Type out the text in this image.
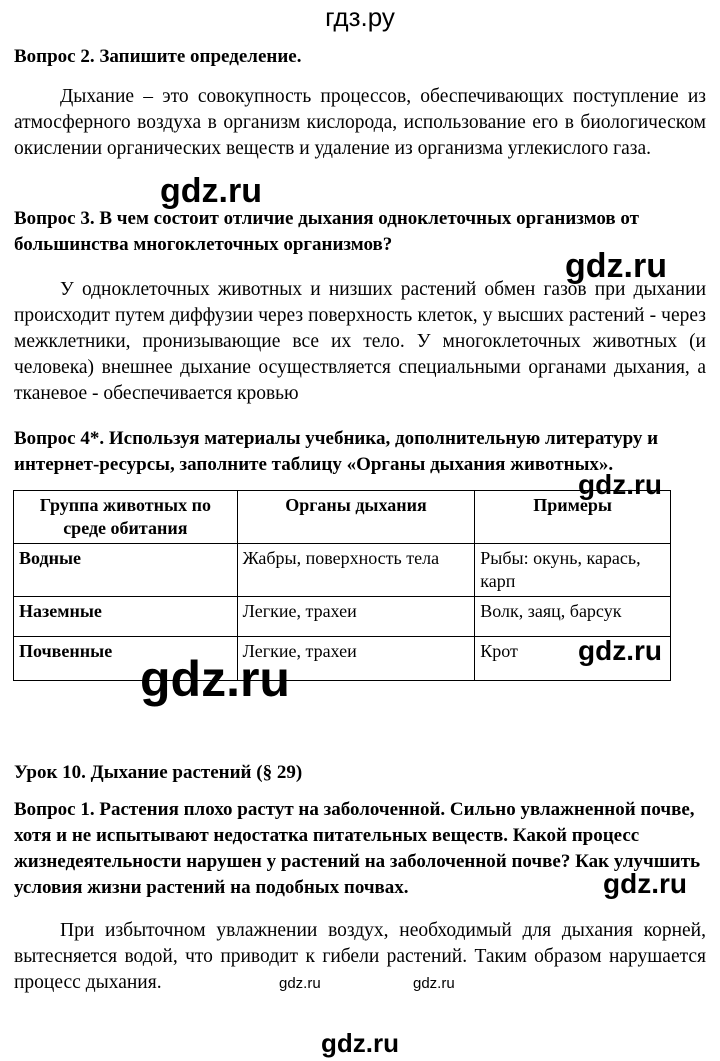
гдз.ру

Вопрос 2. Запишите определение.

Дыхание – это совокупность процессов, обеспечивающих поступление из атмосферного воздуха в организм кислорода, использование его в биологическом окислении органических веществ и удаление из организма углекислого газа.

Вопрос 3. В чем состоит отличие дыхания одноклеточных организмов от большинства многоклеточных организмов?

У одноклеточных животных и низших растений обмен газов при дыхании происходит путем диффузии через поверхность клеток, у высших растений - через межклетники, пронизывающие все их тело. У многоклеточных животных (и человека) внешнее дыхание осуществляется специальными органами дыхания, а тканевое - обеспечивается кровью

Вопрос 4*. Используя материалы учебника, дополнительную литературу и интернет-ресурсы, заполните таблицу «Органы дыхания животных».

Группа животных по среде обитания	Органы дыхания	Примеры
Водные	Жабры, поверхность тела	Рыбы: окунь, карась, карп
Наземные	Легкие, трахеи	Волк, заяц, барсук
Почвенные	Легкие, трахеи	Крот

Урок 10. Дыхание растений (§ 29)

Вопрос 1. Растения плохо растут на заболоченной. Сильно увлажненной почве, хотя и не испытывают недостатка питательных веществ. Какой процесс жизнедеятельности нарушен у растений на заболоченной почве? Как улучшить условия жизни растений на подобных почвах.

При избыточном увлажнении воздух, необходимый для дыхания корней, вытесняется водой, что приводит к гибели растений. Таким образом нарушается процесс дыхания.

gdz.ru
gdz.ru
gdz.ru
gdz.ru
gdz.ru
gdz.ru
gdz.ru	gdz.ru
gdz.ru
